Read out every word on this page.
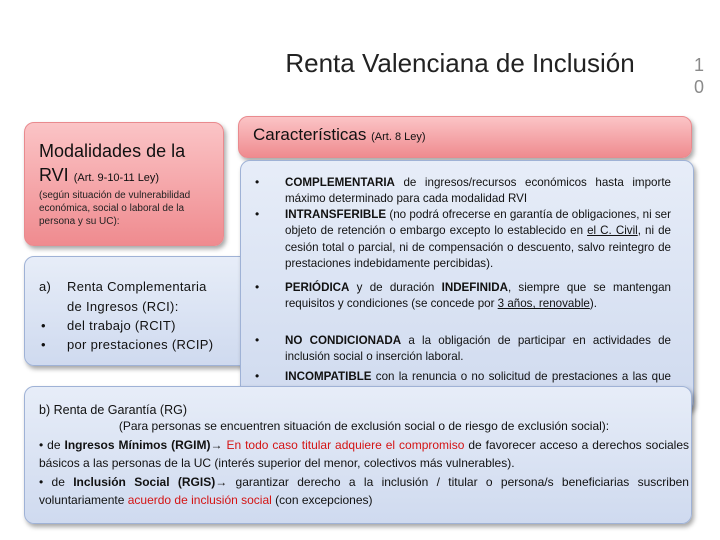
Renta Valenciana de Inclusión	1
0
Modalidades de la
RVI (Art. 9-10-11 Ley)
(según situación de vulnerabilidad económica, social o laboral de la persona y su UC):
Características (Art. 8 Ley)
a) Renta Complementaria
de Ingresos (RCI):
• del trabajo (RCIT)
• por prestaciones (RCIP)
• COMPLEMENTARIA de ingresos/recursos económicos hasta importe máximo determinado para cada modalidad RVI
• INTRANSFERIBLE (no podrá ofrecerse en garantía de obligaciones, ni ser objeto de retención o embargo excepto lo establecido en el C. Civil, ni de cesión total o parcial, ni de compensación o descuento, salvo reintegro de prestaciones indebidamente percibidas).
• PERIÓDICA y de duración INDEFINIDA, siempre que se mantengan requisitos y condiciones (se concede por 3 años, renovable).
• NO CONDICIONADA a la obligación de participar en actividades de inclusión social o inserción laboral.
• INCOMPATIBLE con la renuncia o no solicitud de prestaciones a las que
b) Renta de Garantía (RG)
(Para personas se encuentren situación de exclusión social o de riesgo de exclusión social):
• de Ingresos Mínimos (RGIM)→ En todo caso titular adquiere el compromiso de favorecer acceso a derechos sociales básicos a las personas de la UC (interés superior del menor, colectivos más vulnerables).
• de Inclusión Social (RGIS)→ garantizar derecho a la inclusión / titular o persona/s beneficiarias suscriben voluntariamente acuerdo de inclusión social (con excepciones)
